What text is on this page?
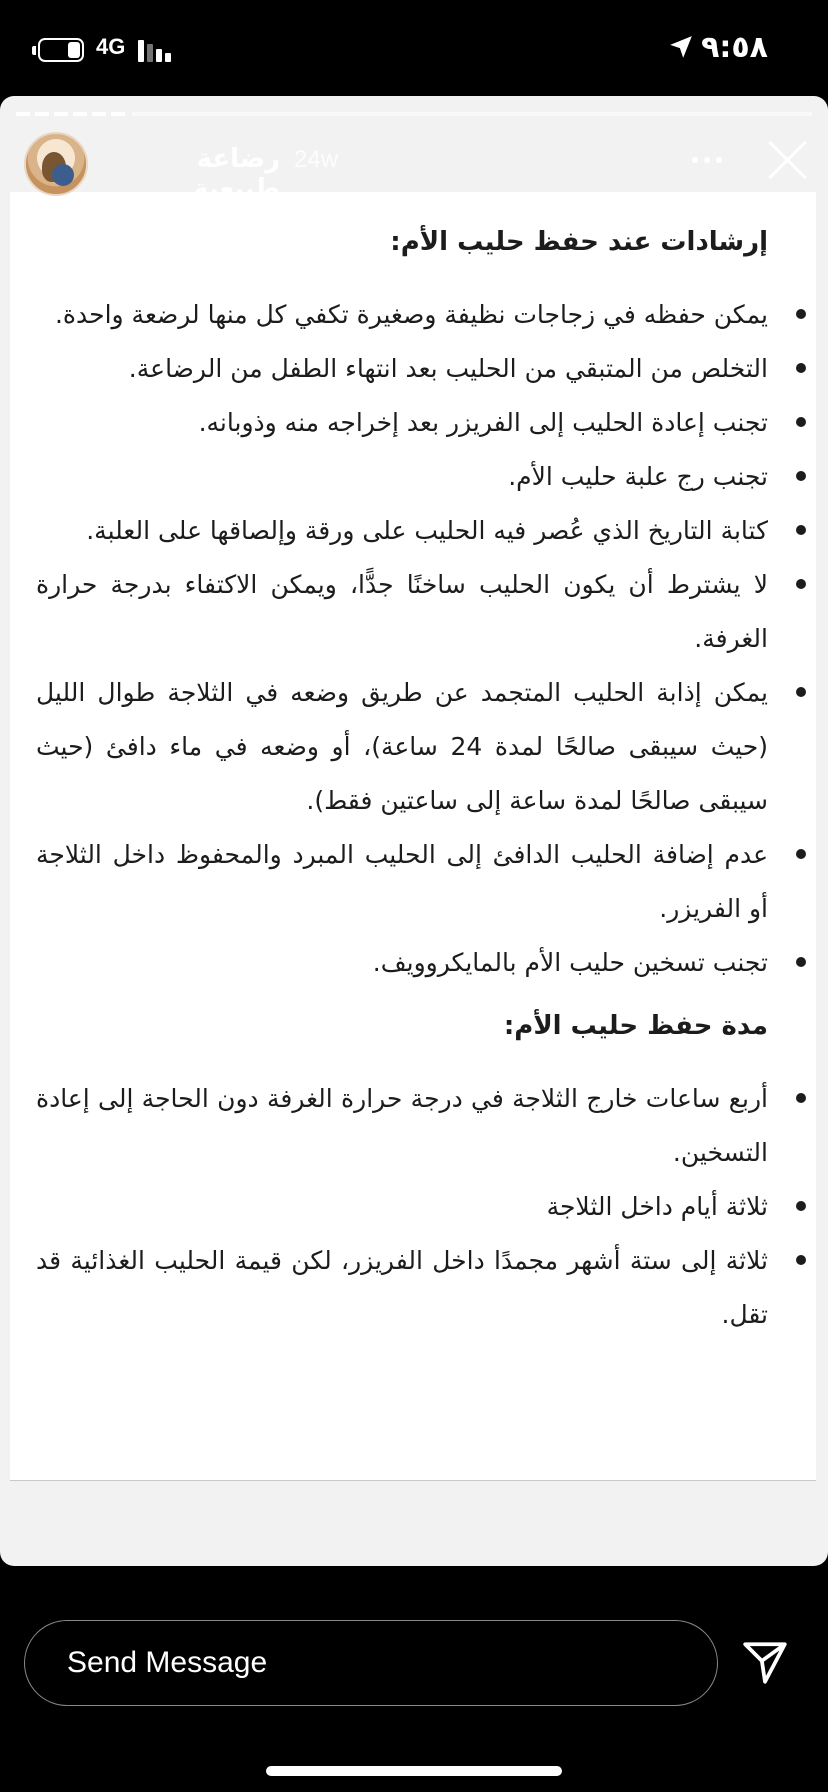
4G	٩:٥٨
رضاعة طبيعية
24w
إرشادات عند حفظ حليب الأم:
يمكن حفظه في زجاجات نظيفة وصغيرة تكفي كل منها لرضعة واحدة.
التخلص من المتبقي من الحليب بعد انتهاء الطفل من الرضاعة.
تجنب إعادة الحليب إلى الفريزر بعد إخراجه منه وذوبانه.
تجنب رج علبة حليب الأم.
كتابة التاريخ الذي عُصر فيه الحليب على ورقة وإلصاقها على العلبة.
لا يشترط أن يكون الحليب ساخنًا جدًّا، ويمكن الاكتفاء بدرجة حرارة الغرفة.
يمكن إذابة الحليب المتجمد عن طريق وضعه في الثلاجة طوال الليل (حيث سيبقى صالحًا لمدة 24 ساعة)، أو وضعه في ماء دافئ (حيث سيبقى صالحًا لمدة ساعة إلى ساعتين فقط).
عدم إضافة الحليب الدافئ إلى الحليب المبرد والمحفوظ داخل الثلاجة أو الفريزر.
تجنب تسخين حليب الأم بالمايكروويف.
مدة حفظ حليب الأم:
أربع ساعات خارج الثلاجة في درجة حرارة الغرفة دون الحاجة إلى إعادة التسخين.
ثلاثة أيام داخل الثلاجة
ثلاثة إلى ستة أشهر مجمدًا داخل الفريزر، لكن قيمة الحليب الغذائية قد تقل.
Send Message
